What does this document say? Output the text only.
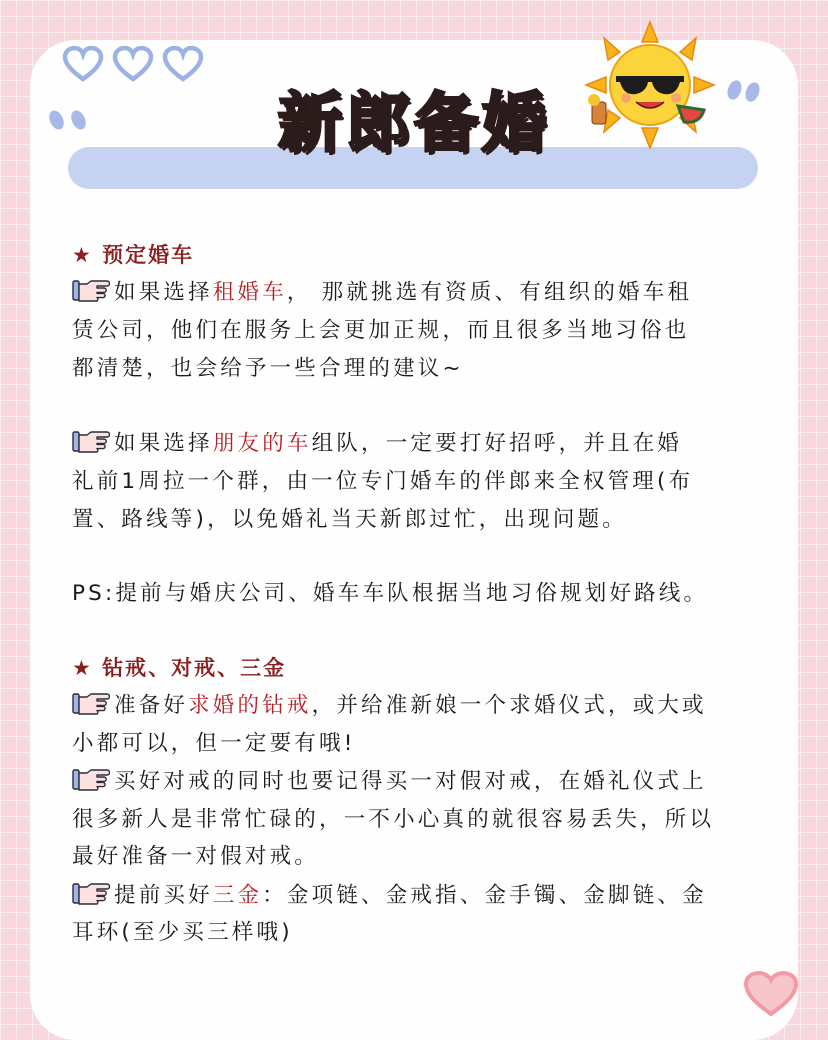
新郎备婚
★ 预定婚车
如果选择租婚车， 那就挑选有资质、有组织的婚车租
赁公司，他们在服务上会更加正规，而且很多当地习俗也
都清楚，也会给予一些合理的建议~
如果选择朋友的车组队，一定要打好招呼，并且在婚
礼前1周拉一个群，由一位专门婚车的伴郎来全权管理(布
置、路线等)，以免婚礼当天新郎过忙，出现问题。
PS:提前与婚庆公司、婚车车队根据当地习俗规划好路线。
★ 钻戒、对戒、三金
准备好求婚的钻戒，并给准新娘一个求婚仪式，或大或
小都可以，但一定要有哦!
买好对戒的同时也要记得买一对假对戒，在婚礼仪式上
很多新人是非常忙碌的，一不小心真的就很容易丢失，所以
最好准备一对假对戒。
提前买好三金：金项链、金戒指、金手镯、金脚链、金
耳环(至少买三样哦)
